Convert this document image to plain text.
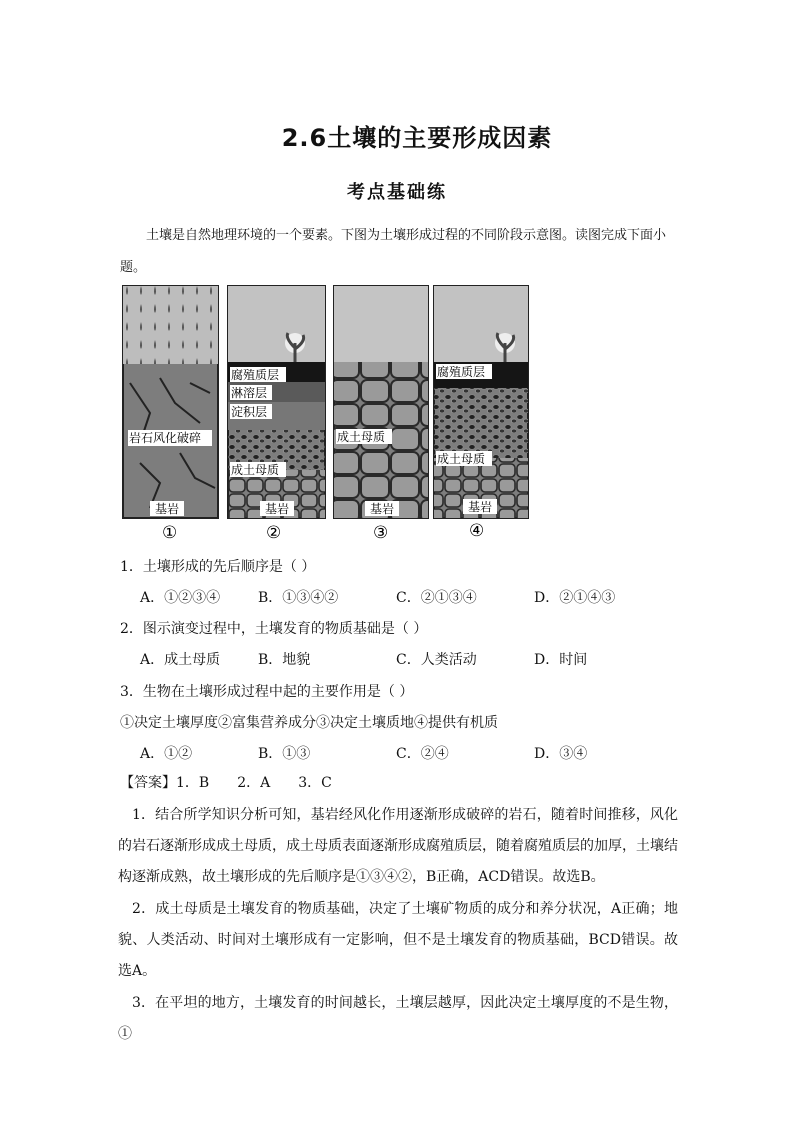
2.6土壤的主要形成因素
考点基础练
土壤是自然地理环境的一个要素。下图为土壤形成过程的不同阶段示意图。读图完成下面小题。
岩石风化破碎
基岩
①
腐殖质层
淋溶层
淀积层
成土母质
基岩
②
成土母质
基岩
③
腐殖质层
成土母质
基岩
④
1．土壤形成的先后顺序是（ ）
A．①②③④	B．①③④②	C．②①③④	D．②①④③
2．图示演变过程中，土壤发育的物质基础是（ ）
A．成土母质	B．地貌	C．人类活动	D．时间
3．生物在土壤形成过程中起的主要作用是（ ）
①决定土壤厚度②富集营养成分③决定土壤质地④提供有机质
A．①②	B．①③	C．②④	D．③④
【答案】1．B　　2．A　　3．C
1．结合所学知识分析可知，基岩经风化作用逐渐形成破碎的岩石，随着时间推移，风化的岩石逐渐形成成土母质，成土母质表面逐渐形成腐殖质层，随着腐殖质层的加厚，土壤结构逐渐成熟，故土壤形成的先后顺序是①③④②，B正确，ACD错误。故选B。
2．成土母质是土壤发育的物质基础，决定了土壤矿物质的成分和养分状况，A正确；地貌、人类活动、时间对土壤形成有一定影响，但不是土壤发育的物质基础，BCD错误。故选A。
3．在平坦的地方，土壤发育的时间越长，土壤层越厚，因此决定土壤厚度的不是生物，①
